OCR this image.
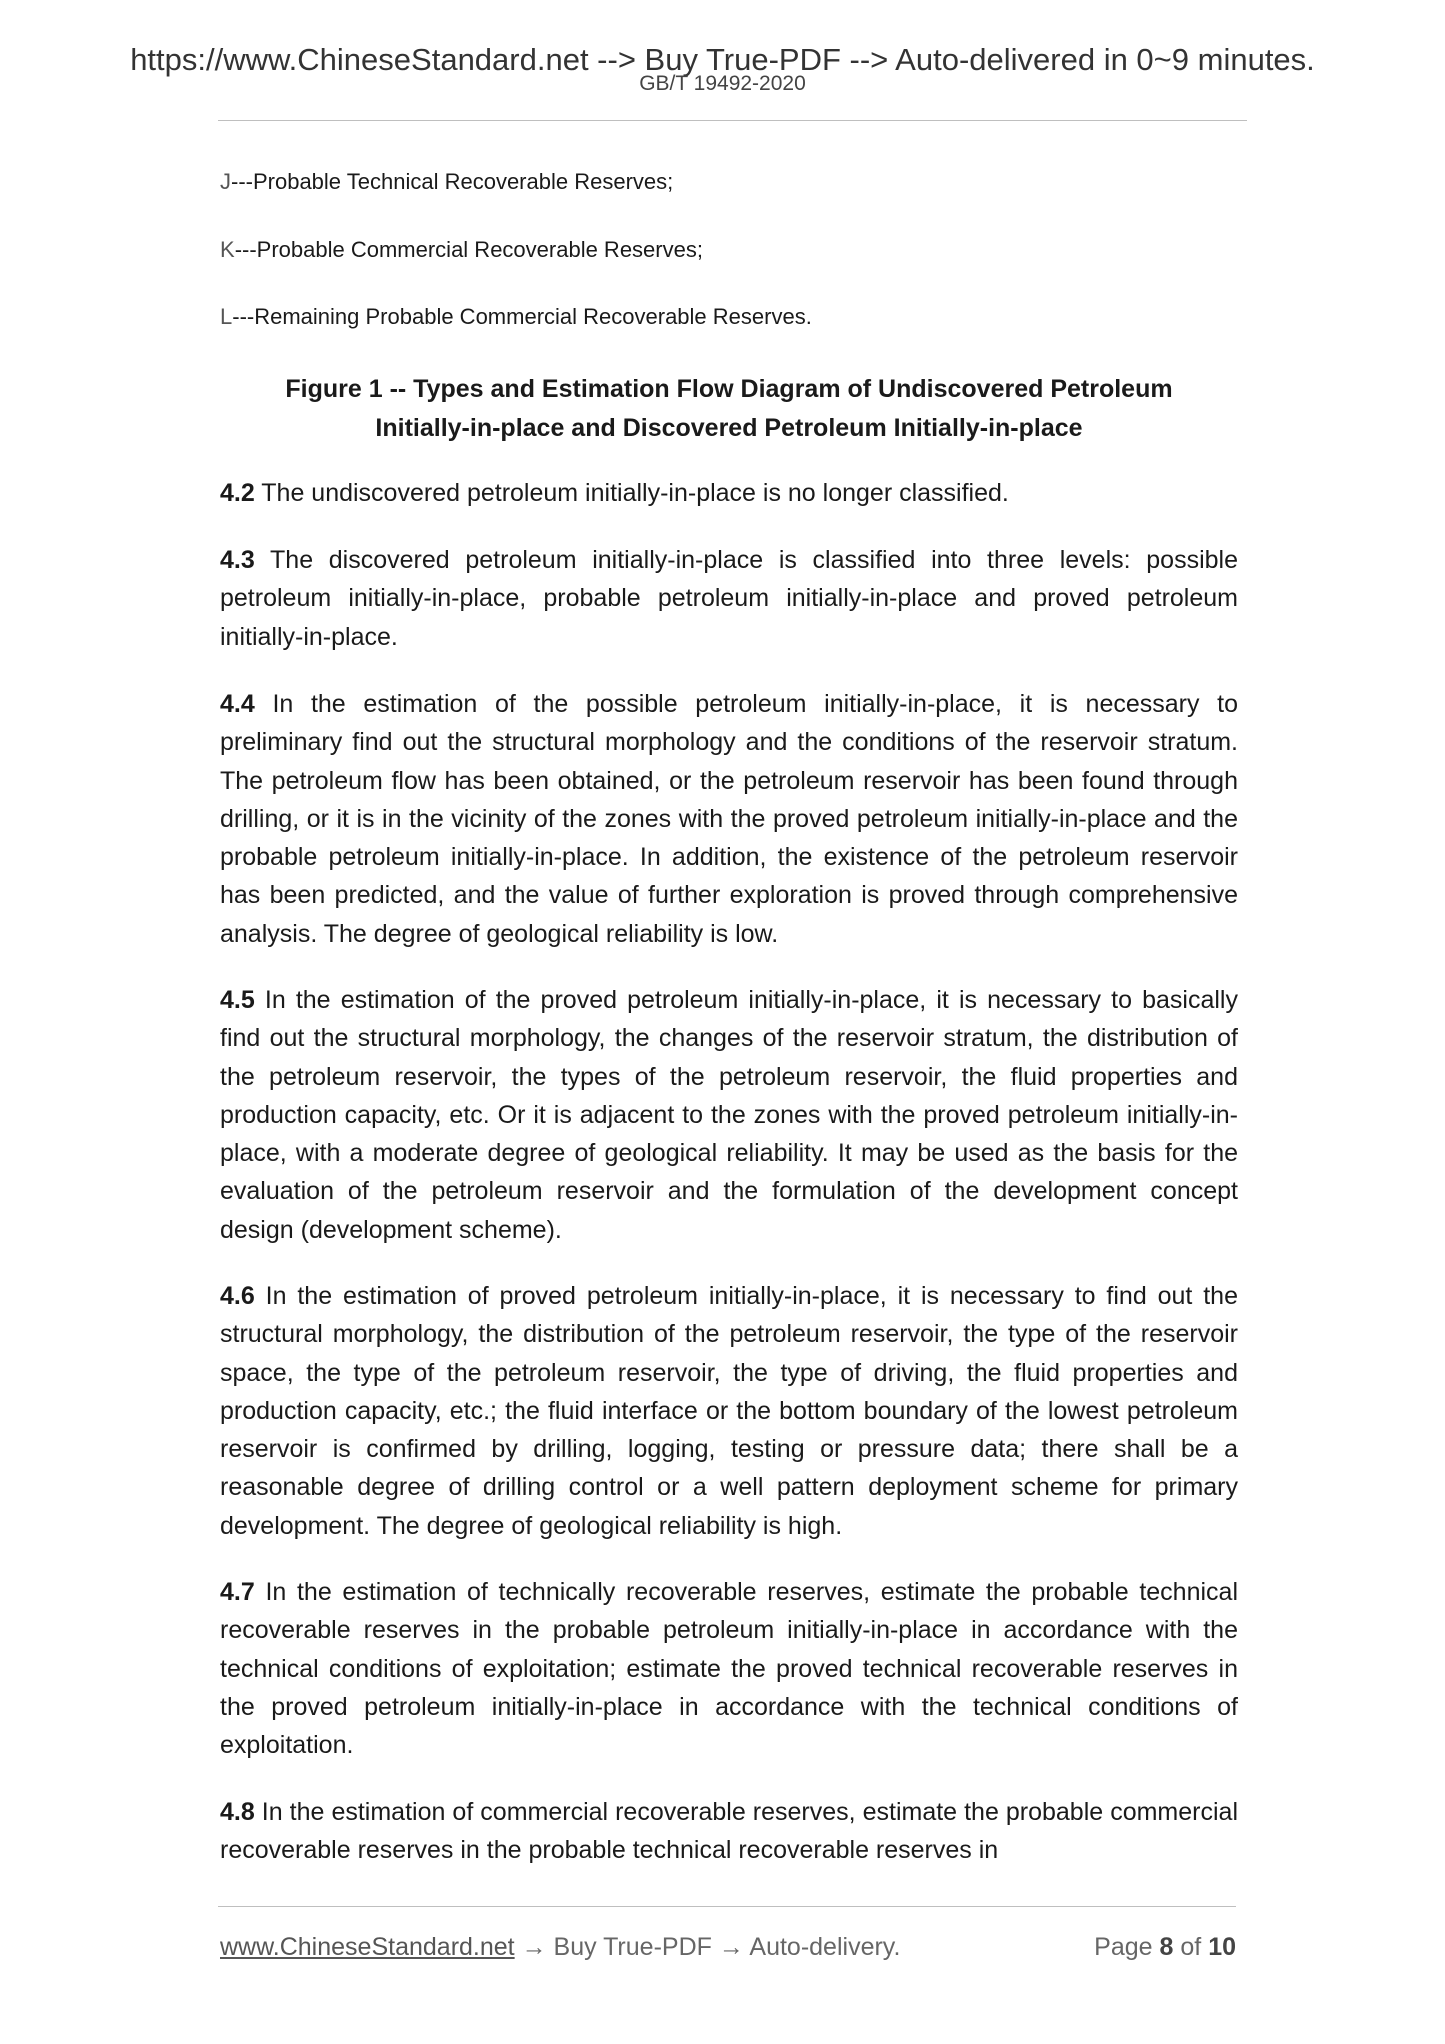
https://www.ChineseStandard.net --> Buy True-PDF --> Auto-delivered in 0~9 minutes.
GB/T 19492-2020
J---Probable Technical Recoverable Reserves;
K---Probable Commercial Recoverable Reserves;
L---Remaining Probable Commercial Recoverable Reserves.
Figure 1 -- Types and Estimation Flow Diagram of Undiscovered Petroleum
Initially-in-place and Discovered Petroleum Initially-in-place
4.2 The undiscovered petroleum initially-in-place is no longer classified.
4.3 The discovered petroleum initially-in-place is classified into three levels: possible petroleum initially-in-place, probable petroleum initially-in-place and proved petroleum initially-in-place.
4.4 In the estimation of the possible petroleum initially-in-place, it is necessary to preliminary find out the structural morphology and the conditions of the reservoir stratum. The petroleum flow has been obtained, or the petroleum reservoir has been found through drilling, or it is in the vicinity of the zones with the proved petroleum initially-in-place and the probable petroleum initially-in-place. In addition, the existence of the petroleum reservoir has been predicted, and the value of further exploration is proved through comprehensive analysis. The degree of geological reliability is low.
4.5 In the estimation of the proved petroleum initially-in-place, it is necessary to basically find out the structural morphology, the changes of the reservoir stratum, the distribution of the petroleum reservoir, the types of the petroleum reservoir, the fluid properties and production capacity, etc. Or it is adjacent to the zones with the proved petroleum initially-in-place, with a moderate degree of geological reliability. It may be used as the basis for the evaluation of the petroleum reservoir and the formulation of the development concept design (development scheme).
4.6 In the estimation of proved petroleum initially-in-place, it is necessary to find out the structural morphology, the distribution of the petroleum reservoir, the type of the reservoir space, the type of the petroleum reservoir, the type of driving, the fluid properties and production capacity, etc.; the fluid interface or the bottom boundary of the lowest petroleum reservoir is confirmed by drilling, logging, testing or pressure data; there shall be a reasonable degree of drilling control or a well pattern deployment scheme for primary development. The degree of geological reliability is high.
4.7 In the estimation of technically recoverable reserves, estimate the probable technical recoverable reserves in the probable petroleum initially-in-place in accordance with the technical conditions of exploitation; estimate the proved technical recoverable reserves in the proved petroleum initially-in-place in accordance with the technical conditions of exploitation.
4.8 In the estimation of commercial recoverable reserves, estimate the probable commercial recoverable reserves in the probable technical recoverable reserves in
www.ChineseStandard.net → Buy True-PDF → Auto-delivery.	Page 8 of 10
